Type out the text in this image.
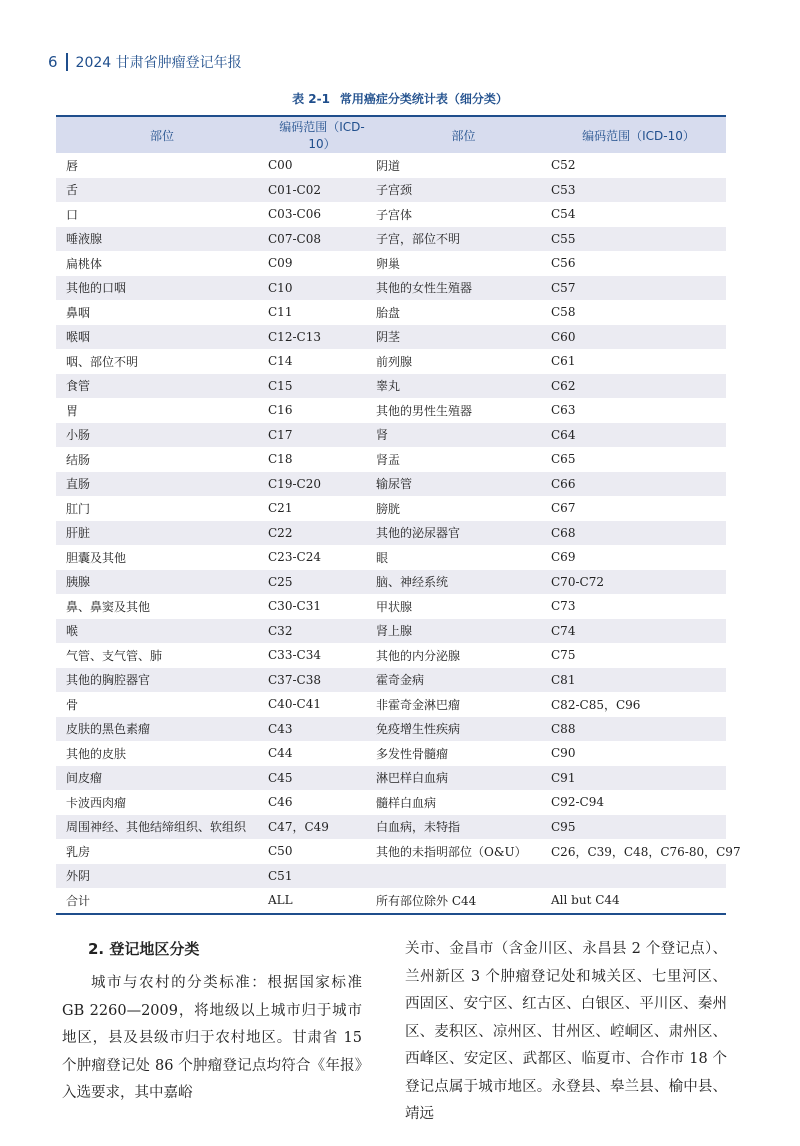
6 2024 甘肃省肿瘤登记年报
表 2-1 常用癌症分类统计表（细分类）
部位	编码范围（ICD-10）	部位	编码范围（ICD-10）
唇	C00	阴道	C52
舌	C01-C02	子宫颈	C53
口	C03-C06	子宫体	C54
唾液腺	C07-C08	子宫，部位不明	C55
扁桃体	C09	卵巢	C56
其他的口咽	C10	其他的女性生殖器	C57
鼻咽	C11	胎盘	C58
喉咽	C12-C13	阴茎	C60
咽、部位不明	C14	前列腺	C61
食管	C15	睾丸	C62
胃	C16	其他的男性生殖器	C63
小肠	C17	肾	C64
结肠	C18	肾盂	C65
直肠	C19-C20	输尿管	C66
肛门	C21	膀胱	C67
肝脏	C22	其他的泌尿器官	C68
胆囊及其他	C23-C24	眼	C69
胰腺	C25	脑、神经系统	C70-C72
鼻、鼻窦及其他	C30-C31	甲状腺	C73
喉	C32	肾上腺	C74
气管、支气管、肺	C33-C34	其他的内分泌腺	C75
其他的胸腔器官	C37-C38	霍奇金病	C81
骨	C40-C41	非霍奇金淋巴瘤	C82-C85，C96
皮肤的黑色素瘤	C43	免疫增生性疾病	C88
其他的皮肤	C44	多发性骨髓瘤	C90
间皮瘤	C45	淋巴样白血病	C91
卡波西肉瘤	C46	髓样白血病	C92-C94
周围神经、其他结缔组织、软组织	C47，C49	白血病，未特指	C95
乳房	C50	其他的未指明部位（O&U）	C26，C39，C48，C76-80，C97
外阴	C51		
合计	ALL	所有部位除外 C44	All but C44
2. 登记地区分类

城市与农村的分类标准：根据国家标准 GB 2260—2009，将地级以上城市归于城市地区，县及县级市归于农村地区。甘肃省 15 个肿瘤登记处 86 个肿瘤登记点均符合《年报》入选要求，其中嘉峪

关市、金昌市（含金川区、永昌县 2 个登记点）、兰州新区 3 个肿瘤登记处和城关区、七里河区、西固区、安宁区、红古区、白银区、平川区、秦州区、麦积区、凉州区、甘州区、崆峒区、肃州区、西峰区、安定区、武都区、临夏市、合作市 18 个登记点属于城市地区。永登县、皋兰县、榆中县、靖远
